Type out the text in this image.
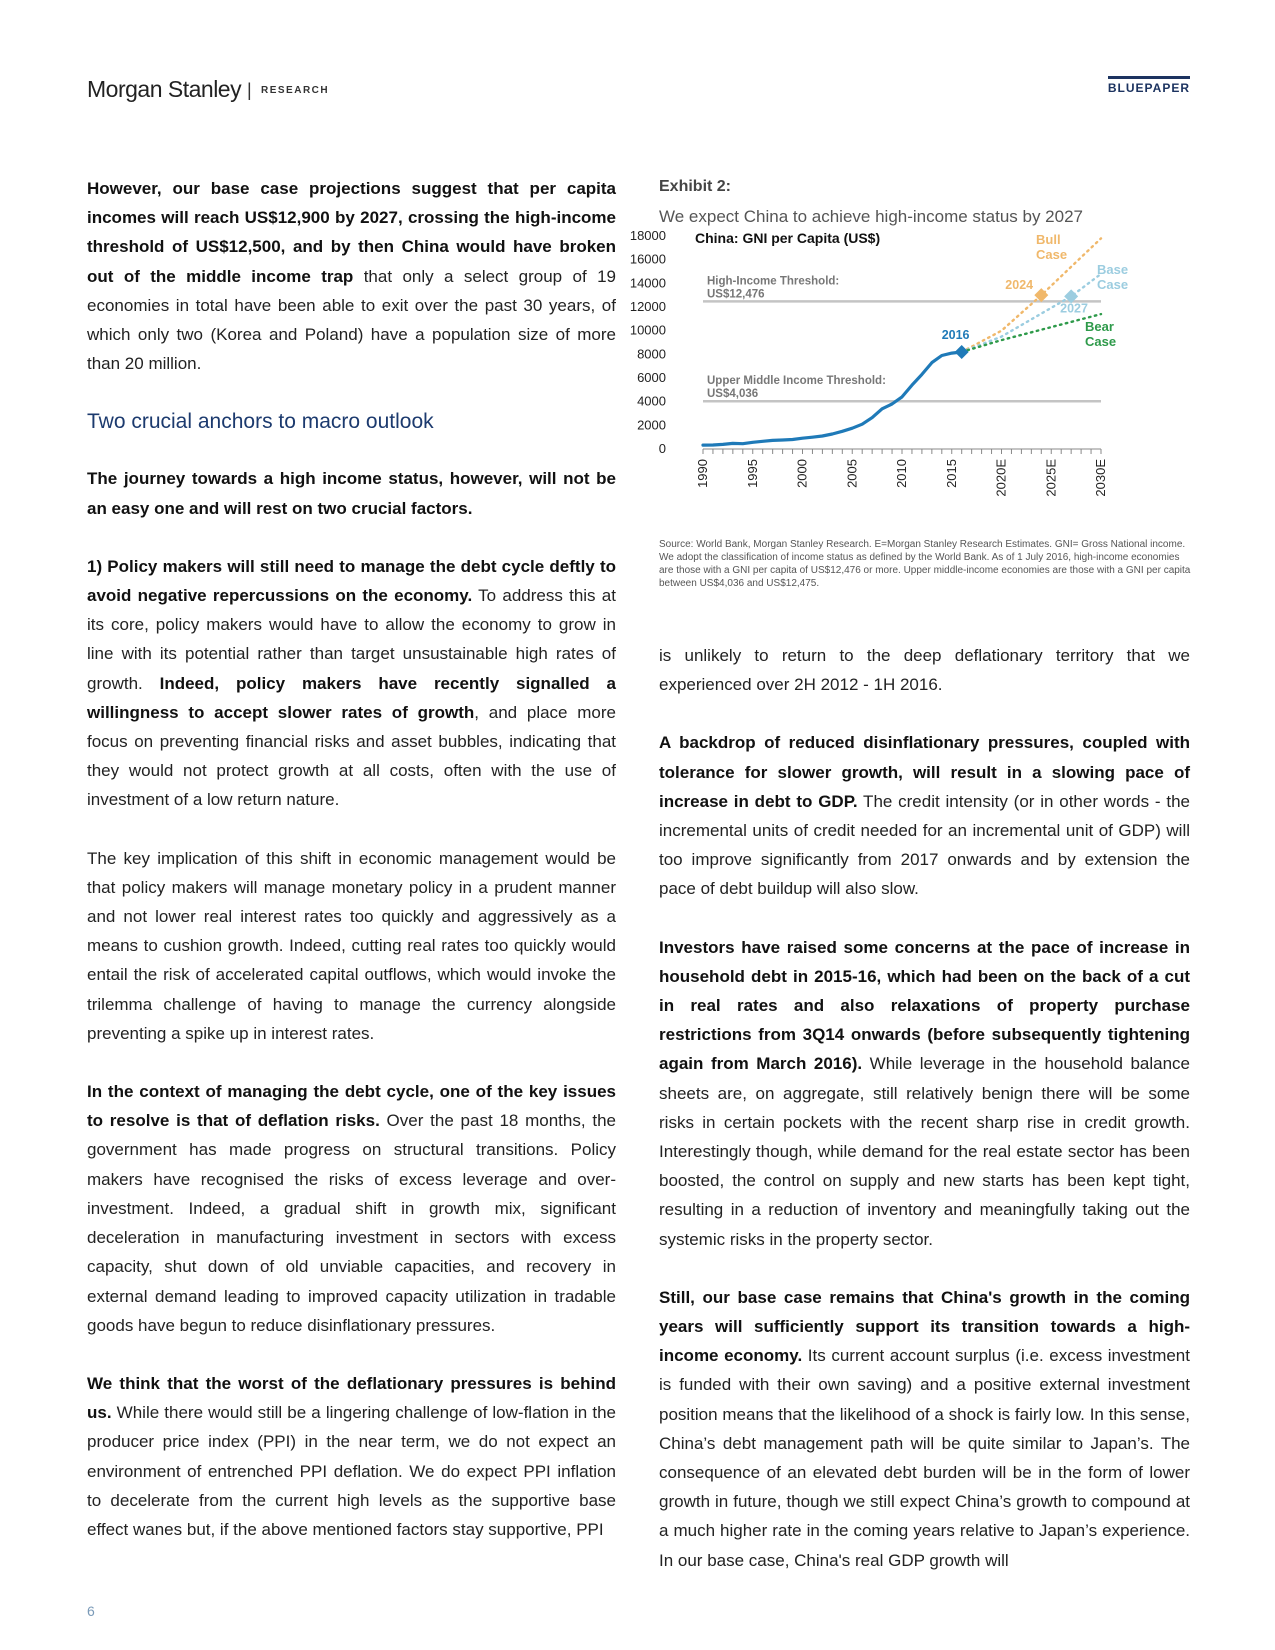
Morgan Stanley | RESEARCH	BLUEPAPER

However, our base case projections suggest that per capita incomes will reach US$12,900 by 2027, crossing the high-income threshold of US$12,500, and by then China would have broken out of the middle income trap that only a select group of 19 economies in total have been able to exit over the past 30 years, of which only two (Korea and Poland) have a population size of more than 20 million.

Two crucial anchors to macro outlook

The journey towards a high income status, however, will not be an easy one and will rest on two crucial factors.

1) Policy makers will still need to manage the debt cycle deftly to avoid negative repercussions on the economy. To address this at its core, policy makers would have to allow the economy to grow in line with its potential rather than target unsustainable high rates of growth. Indeed, policy makers have recently signalled a willingness to accept slower rates of growth, and place more focus on preventing financial risks and asset bubbles, indicating that they would not protect growth at all costs, often with the use of investment of a low return nature.

The key implication of this shift in economic management would be that policy makers will manage monetary policy in a prudent manner and not lower real interest rates too quickly and aggressively as a means to cushion growth. Indeed, cutting real rates too quickly would entail the risk of accelerated capital outflows, which would invoke the trilemma challenge of having to manage the currency alongside preventing a spike up in interest rates.

In the context of managing the debt cycle, one of the key issues to resolve is that of deflation risks. Over the past 18 months, the government has made progress on structural transitions. Policy makers have recognised the risks of excess leverage and over-investment. Indeed, a gradual shift in growth mix, significant deceleration in manufacturing investment in sectors with excess capacity, shut down of old unviable capacities, and recovery in external demand leading to improved capacity utilization in tradable goods have begun to reduce disinflationary pressures.

We think that the worst of the deflationary pressures is behind us. While there would still be a lingering challenge of low-flation in the producer price index (PPI) in the near term, we do not expect an environment of entrenched PPI deflation. We do expect PPI inflation to decelerate from the current high levels as the supportive base effect wanes but, if the above mentioned factors stay supportive, PPI

Exhibit 2:
We expect China to achieve high-income status by 2027
China: GNI per Capita (US$)
0
2000
4000
6000
8000
10000
12000
14000
16000
18000
High-Income Threshold:
US$12,476
Upper Middle Income Threshold:
US$4,036
1990	1995	2000	2005	2010	2015	2020E	2025E	2030E
2016
2024
2027
Bull
Case
Base
Case
Bear
Case
Source: World Bank, Morgan Stanley Research. E=Morgan Stanley Research Estimates. GNI= Gross National income. We adopt the classification of income status as defined by the World Bank. As of 1 July 2016, high-income economies are those with a GNI per capita of US$12,476 or more. Upper middle-income economies are those with a GNI per capita between US$4,036 and US$12,475.

is unlikely to return to the deep deflationary territory that we experienced over 2H 2012 - 1H 2016.

A backdrop of reduced disinflationary pressures, coupled with tolerance for slower growth, will result in a slowing pace of increase in debt to GDP. The credit intensity (or in other words - the incremental units of credit needed for an incremental unit of GDP) will too improve significantly from 2017 onwards and by extension the pace of debt buildup will also slow.

Investors have raised some concerns at the pace of increase in household debt in 2015-16, which had been on the back of a cut in real rates and also relaxations of property purchase restrictions from 3Q14 onwards (before subsequently tightening again from March 2016). While leverage in the household balance sheets are, on aggregate, still relatively benign there will be some risks in certain pockets with the recent sharp rise in credit growth. Interestingly though, while demand for the real estate sector has been boosted, the control on supply and new starts has been kept tight, resulting in a reduction of inventory and meaningfully taking out the systemic risks in the property sector.

Still, our base case remains that China's growth in the coming years will sufficiently support its transition towards a high-income economy. Its current account surplus (i.e. excess investment is funded with their own saving) and a positive external investment position means that the likelihood of a shock is fairly low. In this sense, China’s debt management path will be quite similar to Japan’s. The consequence of an elevated debt burden will be in the form of lower growth in future, though we still expect China’s growth to compound at a much higher rate in the coming years relative to Japan’s experience. In our base case, China's real GDP growth will

6
